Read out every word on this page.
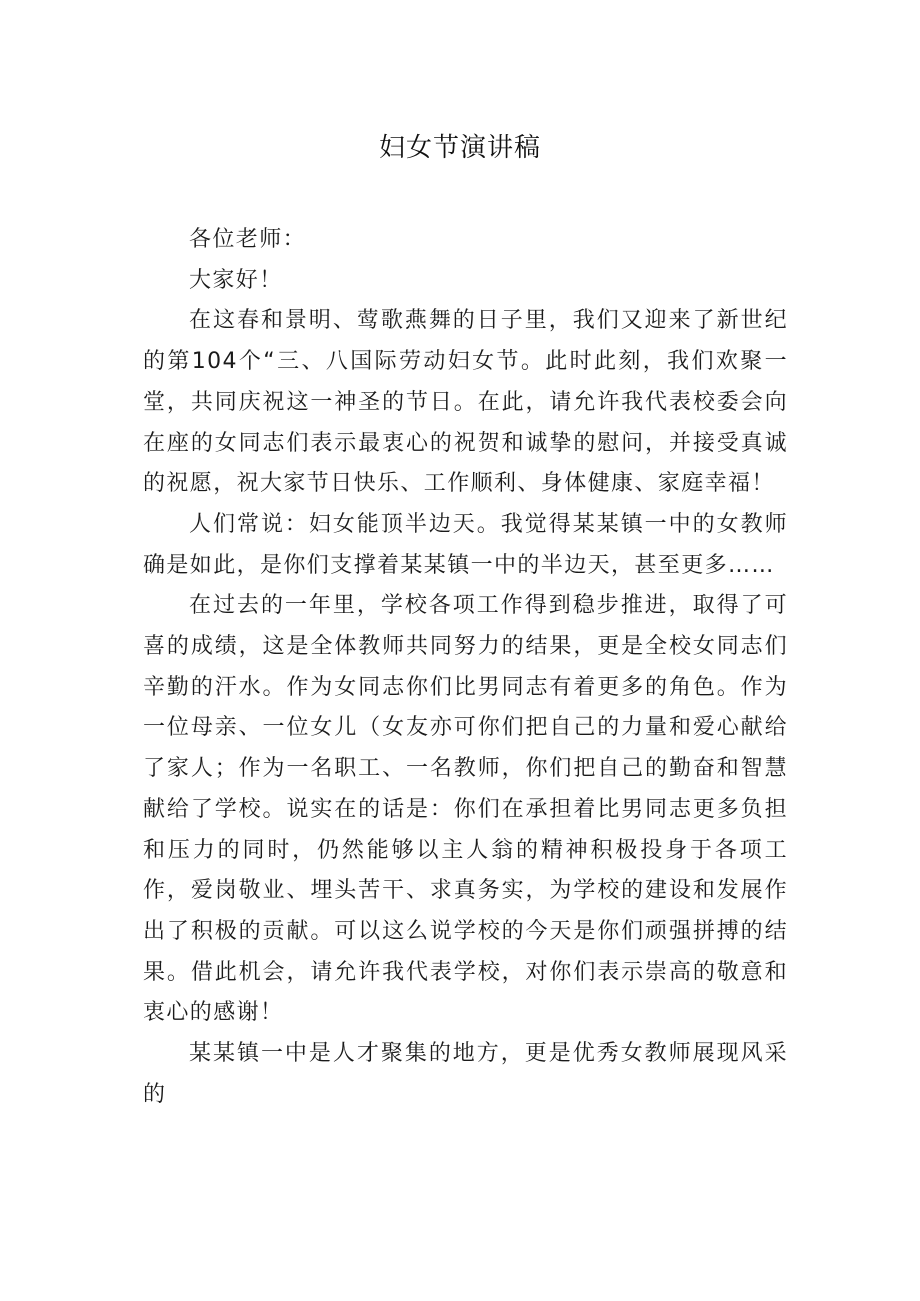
妇女节演讲稿

各位老师：

大家好！

在这春和景明、莺歌燕舞的日子里，我们又迎来了新世纪的第104个“三、八国际劳动妇女节。此时此刻，我们欢聚一堂，共同庆祝这一神圣的节日。在此，请允许我代表校委会向在座的女同志们表示最衷心的祝贺和诚挚的慰问，并接受真诚的祝愿，祝大家节日快乐、工作顺利、身体健康、家庭幸福！

人们常说：妇女能顶半边天。我觉得某某镇一中的女教师确是如此，是你们支撑着某某镇一中的半边天，甚至更多……

在过去的一年里，学校各项工作得到稳步推进，取得了可喜的成绩，这是全体教师共同努力的结果，更是全校女同志们辛勤的汗水。作为女同志你们比男同志有着更多的角色。作为一位母亲、一位女儿（女友亦可你们把自己的力量和爱心献给了家人；作为一名职工、一名教师，你们把自己的勤奋和智慧献给了学校。说实在的话是：你们在承担着比男同志更多负担和压力的同时，仍然能够以主人翁的精神积极投身于各项工作，爱岗敬业、埋头苦干、求真务实，为学校的建设和发展作出了积极的贡献。可以这么说学校的今天是你们顽强拼搏的结果。借此机会，请允许我代表学校，对你们表示崇高的敬意和衷心的感谢！

某某镇一中是人才聚集的地方，更是优秀女教师展现风采的
